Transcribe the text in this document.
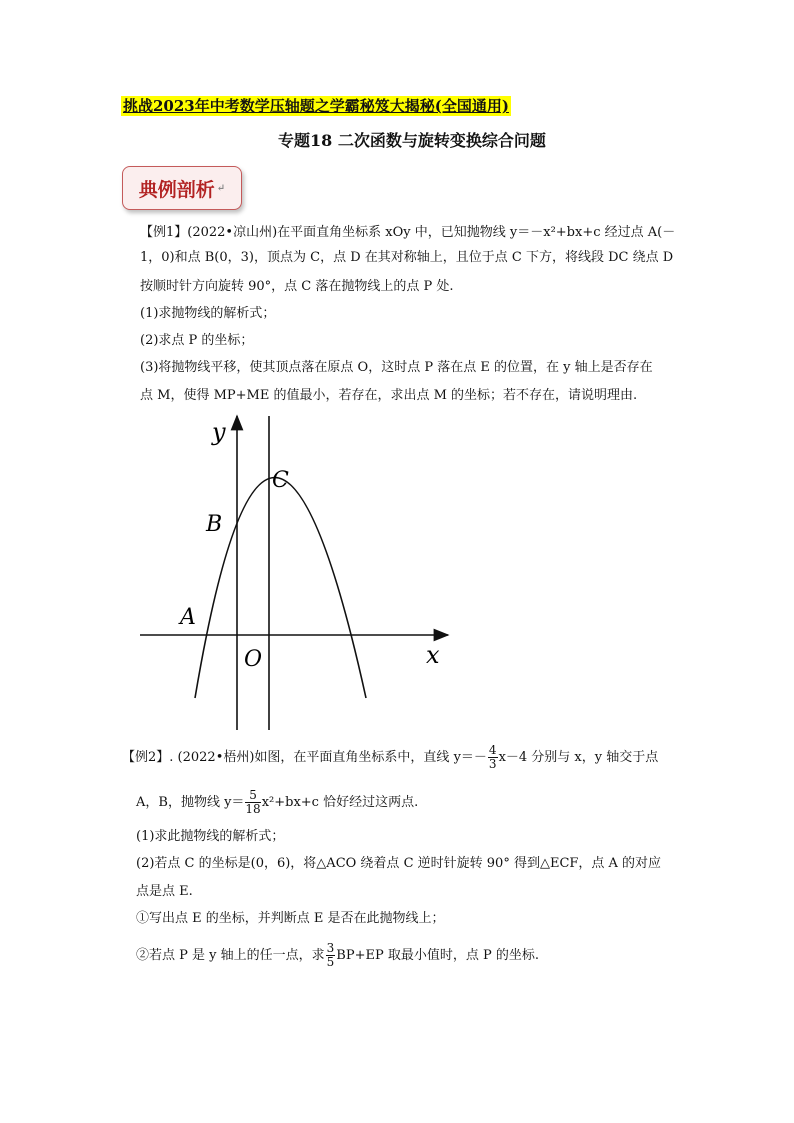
挑战2023年中考数学压轴题之学霸秘笈大揭秘(全国通用)
专题18 二次函数与旋转变换综合问题
典例剖析 ↵
【例1】(2022•凉山州)在平面直角坐标系 xOy 中，已知抛物线 y＝－x²+bx+c 经过点 A(－
1，0)和点 B(0，3)，顶点为 C，点 D 在其对称轴上，且位于点 C 下方，将线段 DC 绕点 D
按顺时针方向旋转 90°，点 C 落在抛物线上的点 P 处.
(1)求抛物线的解析式；
(2)求点 P 的坐标；
(3)将抛物线平移，使其顶点落在原点 O，这时点 P 落在点 E 的位置，在 y 轴上是否存在
点 M，使得 MP+ME 的值最小，若存在，求出点 M 的坐标；若不存在，请说明理由.
y
x
O
A
B
C
【例2】. (2022•梧州)如图，在平面直角坐标系中，直线 $y=- \frac{4}{3} x-4$ 分别与 x，y 轴交于点
A，B，抛物线 $y= \frac{5}{18} x^2+bx+c$ 恰好经过这两点.
(1)求此抛物线的解析式；
(2)若点 C 的坐标是(0，6)，将△ACO 绕着点 C 逆时针旋转 90° 得到△ECF，点 A 的对应
点是点 E.
①写出点 E 的坐标，并判断点 E 是否在此抛物线上；
②若点 P 是 y 轴上的任一点，求 $\frac{3}{5} BP+EP$ 取最小值时，点 P 的坐标.
